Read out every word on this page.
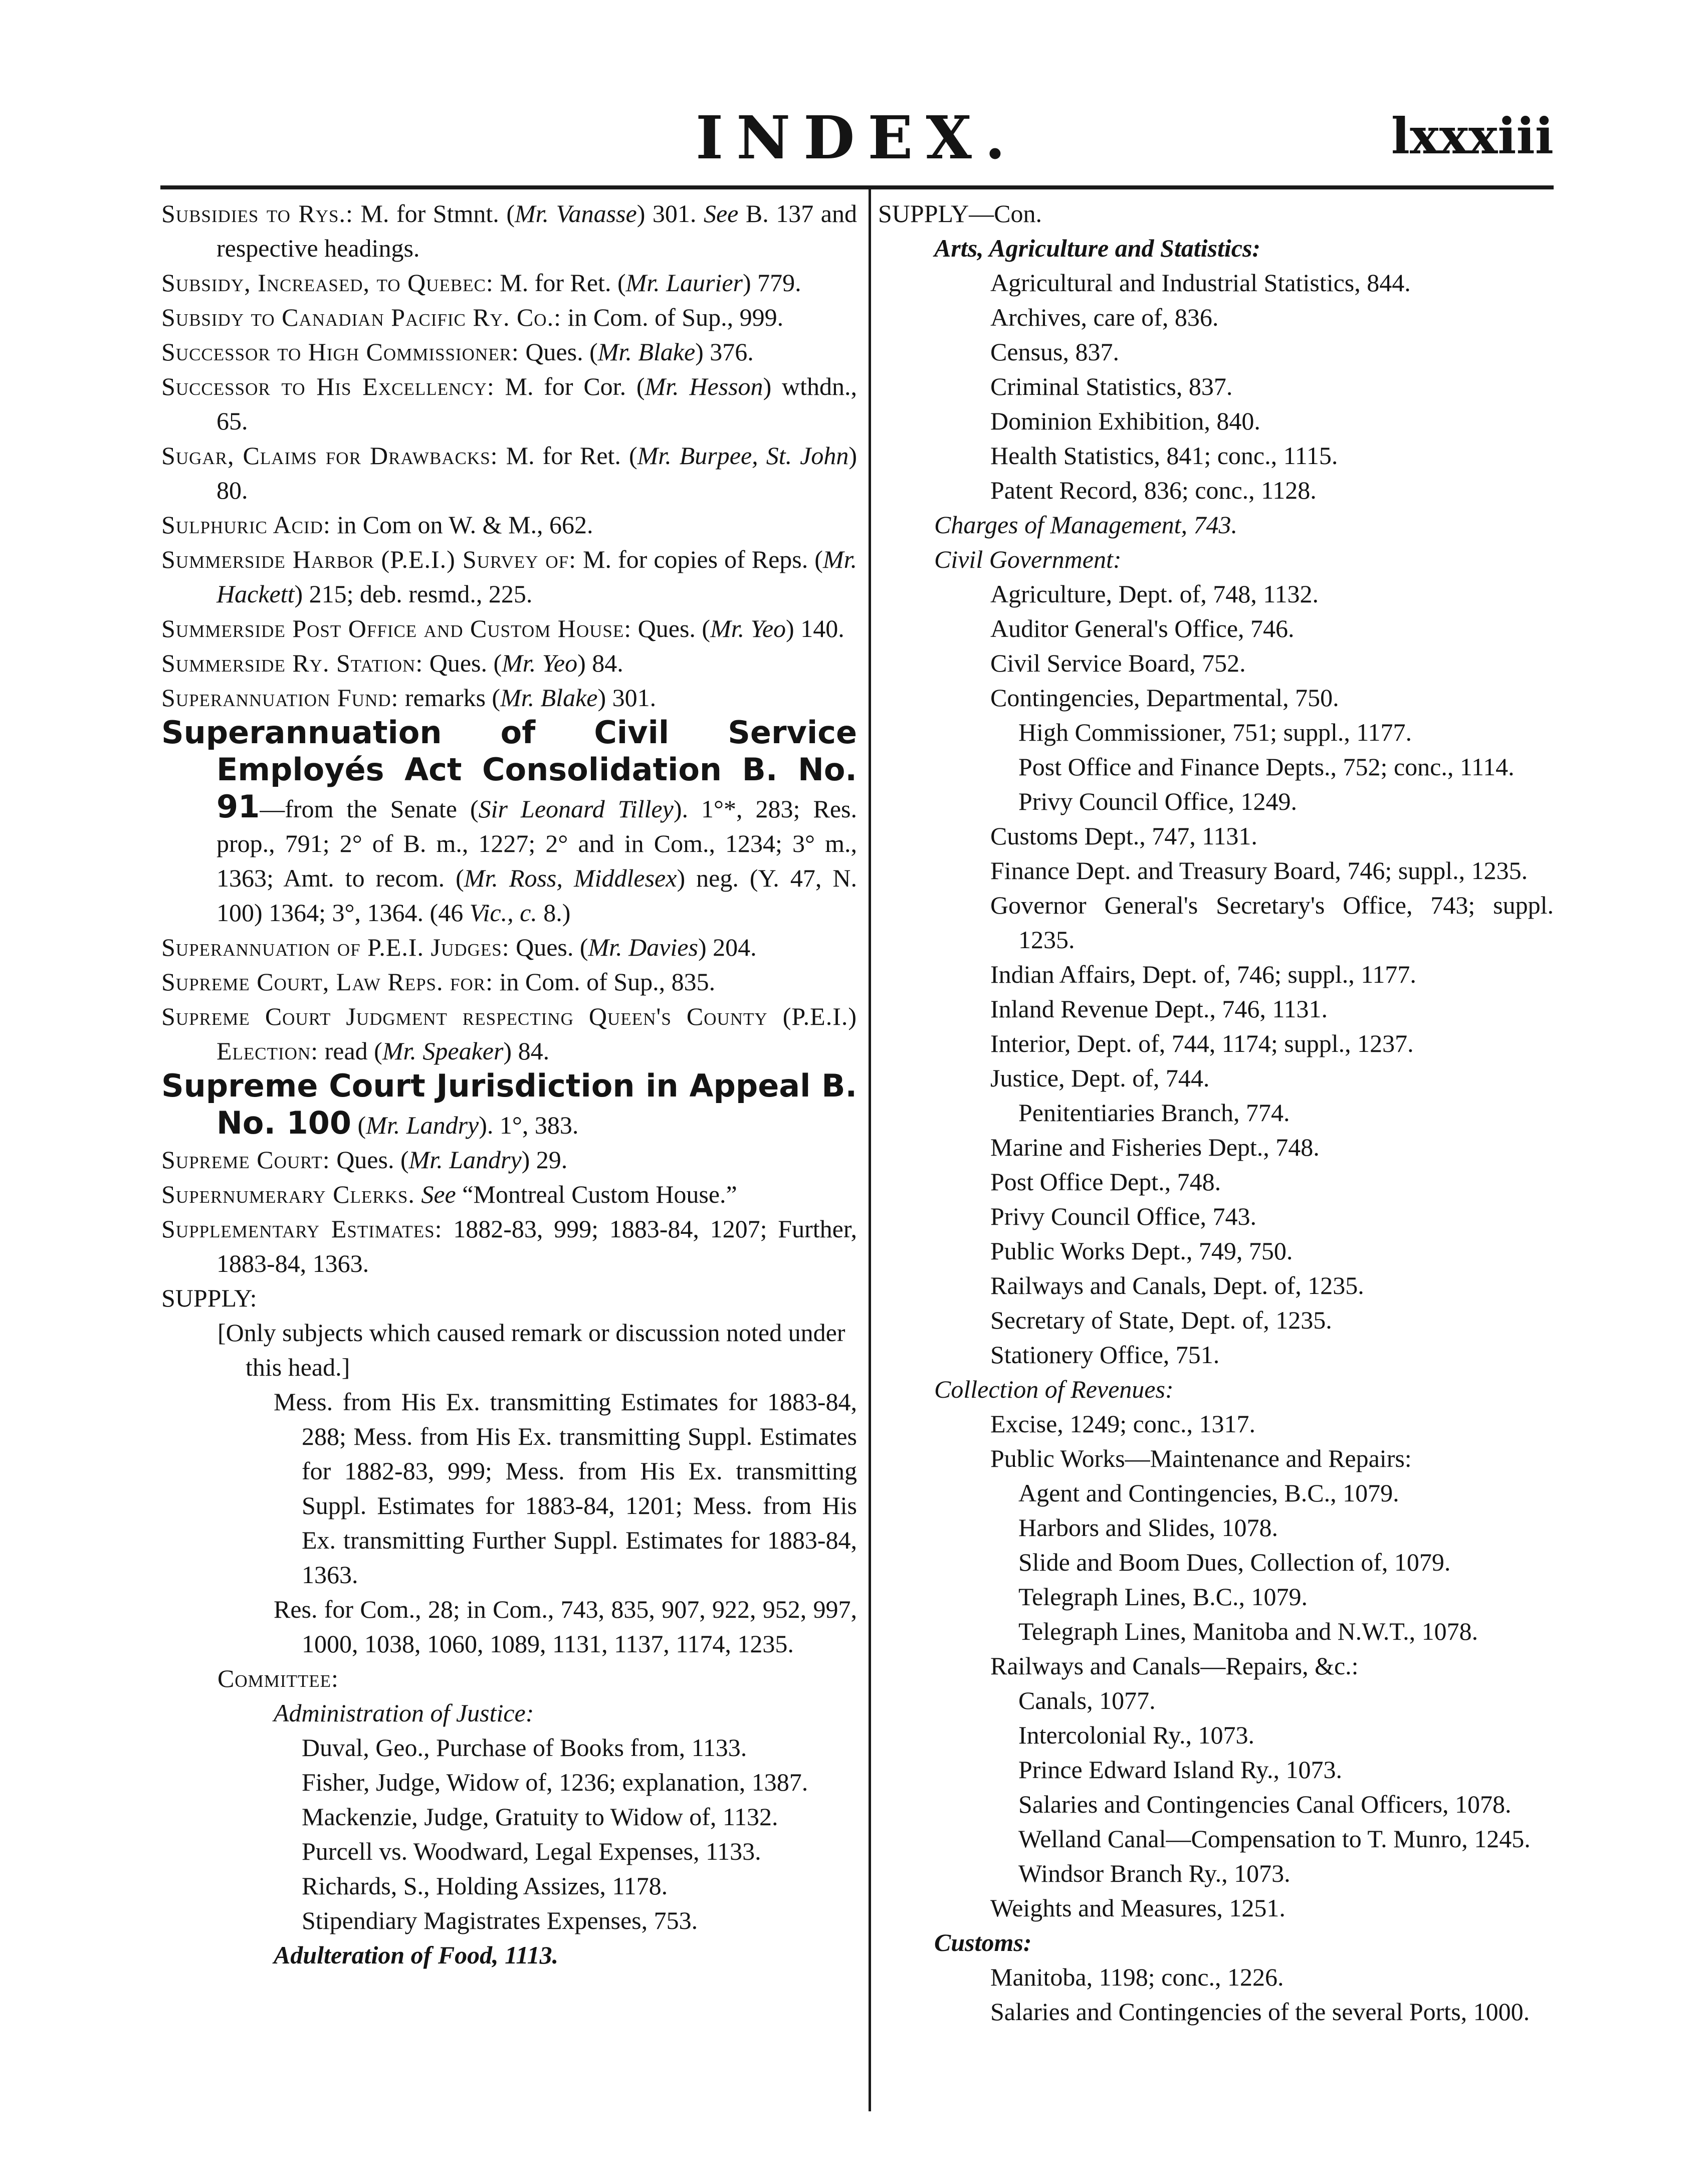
INDEX.	lxxxiii
Subsidies to Rys.: M. for Stmnt. (Mr. Vanasse) 301. See B. 137 and respective headings.
Subsidy, Increased, to Quebec: M. for Ret. (Mr. Laurier) 779.
Subsidy to Canadian Pacific Ry. Co.: in Com. of Sup., 999.
Successor to High Commissioner: Ques. (Mr. Blake) 376.
Successor to His Excellency: M. for Cor. (Mr. Hesson) wthdn., 65.
Sugar, Claims for Drawbacks: M. for Ret. (Mr. Burpee, St. John) 80.
Sulphuric Acid: in Com on W. & M., 662.
Summerside Harbor (P.E.I.) Survey of: M. for copies of Reps. (Mr. Hackett) 215; deb. resmd., 225.
Summerside Post Office and Custom House: Ques. (Mr. Yeo) 140.
Summerside Ry. Station: Ques. (Mr. Yeo) 84.
Superannuation Fund: remarks (Mr. Blake) 301.
Superannuation of Civil Service Employés Act Consolidation B. No. 91—from the Senate (Sir Leonard Tilley). 1°*, 283; Res. prop., 791; 2° of B. m., 1227; 2° and in Com., 1234; 3° m., 1363; Amt. to recom. (Mr. Ross, Middlesex) neg. (Y. 47, N. 100) 1364; 3°, 1364. (46 Vic., c. 8.)
Superannuation of P.E.I. Judges: Ques. (Mr. Davies) 204.
Supreme Court, Law Reps. for: in Com. of Sup., 835.
Supreme Court Judgment respecting Queen's County (P.E.I.) Election: read (Mr. Speaker) 84.
Supreme Court Jurisdiction in Appeal B. No. 100 (Mr. Landry). 1°, 383.
Supreme Court: Ques. (Mr. Landry) 29.
Supernumerary Clerks. See “Montreal Custom House.”
Supplementary Estimates: 1882-83, 999; 1883-84, 1207; Further, 1883-84, 1363.
SUPPLY:
[Only subjects which caused remark or discussion noted under this head.]
Mess. from His Ex. transmitting Estimates for 1883-84, 288; Mess. from His Ex. transmitting Suppl. Estimates for 1882-83, 999; Mess. from His Ex. transmitting Suppl. Estimates for 1883-84, 1201; Mess. from His Ex. transmitting Further Suppl. Estimates for 1883-84, 1363.
Res. for Com., 28; in Com., 743, 835, 907, 922, 952, 997, 1000, 1038, 1060, 1089, 1131, 1137, 1174, 1235.
Committee:
Administration of Justice:
Duval, Geo., Purchase of Books from, 1133.
Fisher, Judge, Widow of, 1236; explanation, 1387.
Mackenzie, Judge, Gratuity to Widow of, 1132.
Purcell vs. Woodward, Legal Expenses, 1133.
Richards, S., Holding Assizes, 1178.
Stipendiary Magistrates Expenses, 753.
Adulteration of Food, 1113.
SUPPLY—Con.
Arts, Agriculture and Statistics:
Agricultural and Industrial Statistics, 844.
Archives, care of, 836.
Census, 837.
Criminal Statistics, 837.
Dominion Exhibition, 840.
Health Statistics, 841; conc., 1115.
Patent Record, 836; conc., 1128.
Charges of Management, 743.
Civil Government:
Agriculture, Dept. of, 748, 1132.
Auditor General's Office, 746.
Civil Service Board, 752.
Contingencies, Departmental, 750.
High Commissioner, 751; suppl., 1177.
Post Office and Finance Depts., 752; conc., 1114.
Privy Council Office, 1249.
Customs Dept., 747, 1131.
Finance Dept. and Treasury Board, 746; suppl., 1235.
Governor General's Secretary's Office, 743; suppl. 1235.
Indian Affairs, Dept. of, 746; suppl., 1177.
Inland Revenue Dept., 746, 1131.
Interior, Dept. of, 744, 1174; suppl., 1237.
Justice, Dept. of, 744.
Penitentiaries Branch, 774.
Marine and Fisheries Dept., 748.
Post Office Dept., 748.
Privy Council Office, 743.
Public Works Dept., 749, 750.
Railways and Canals, Dept. of, 1235.
Secretary of State, Dept. of, 1235.
Stationery Office, 751.
Collection of Revenues:
Excise, 1249; conc., 1317.
Public Works—Maintenance and Repairs:
Agent and Contingencies, B.C., 1079.
Harbors and Slides, 1078.
Slide and Boom Dues, Collection of, 1079.
Telegraph Lines, B.C., 1079.
Telegraph Lines, Manitoba and N.W.T., 1078.
Railways and Canals—Repairs, &c.:
Canals, 1077.
Intercolonial Ry., 1073.
Prince Edward Island Ry., 1073.
Salaries and Contingencies Canal Officers, 1078.
Welland Canal—Compensation to T. Munro, 1245.
Windsor Branch Ry., 1073.
Weights and Measures, 1251.
Customs:
Manitoba, 1198; conc., 1226.
Salaries and Contingencies of the several Ports, 1000.
